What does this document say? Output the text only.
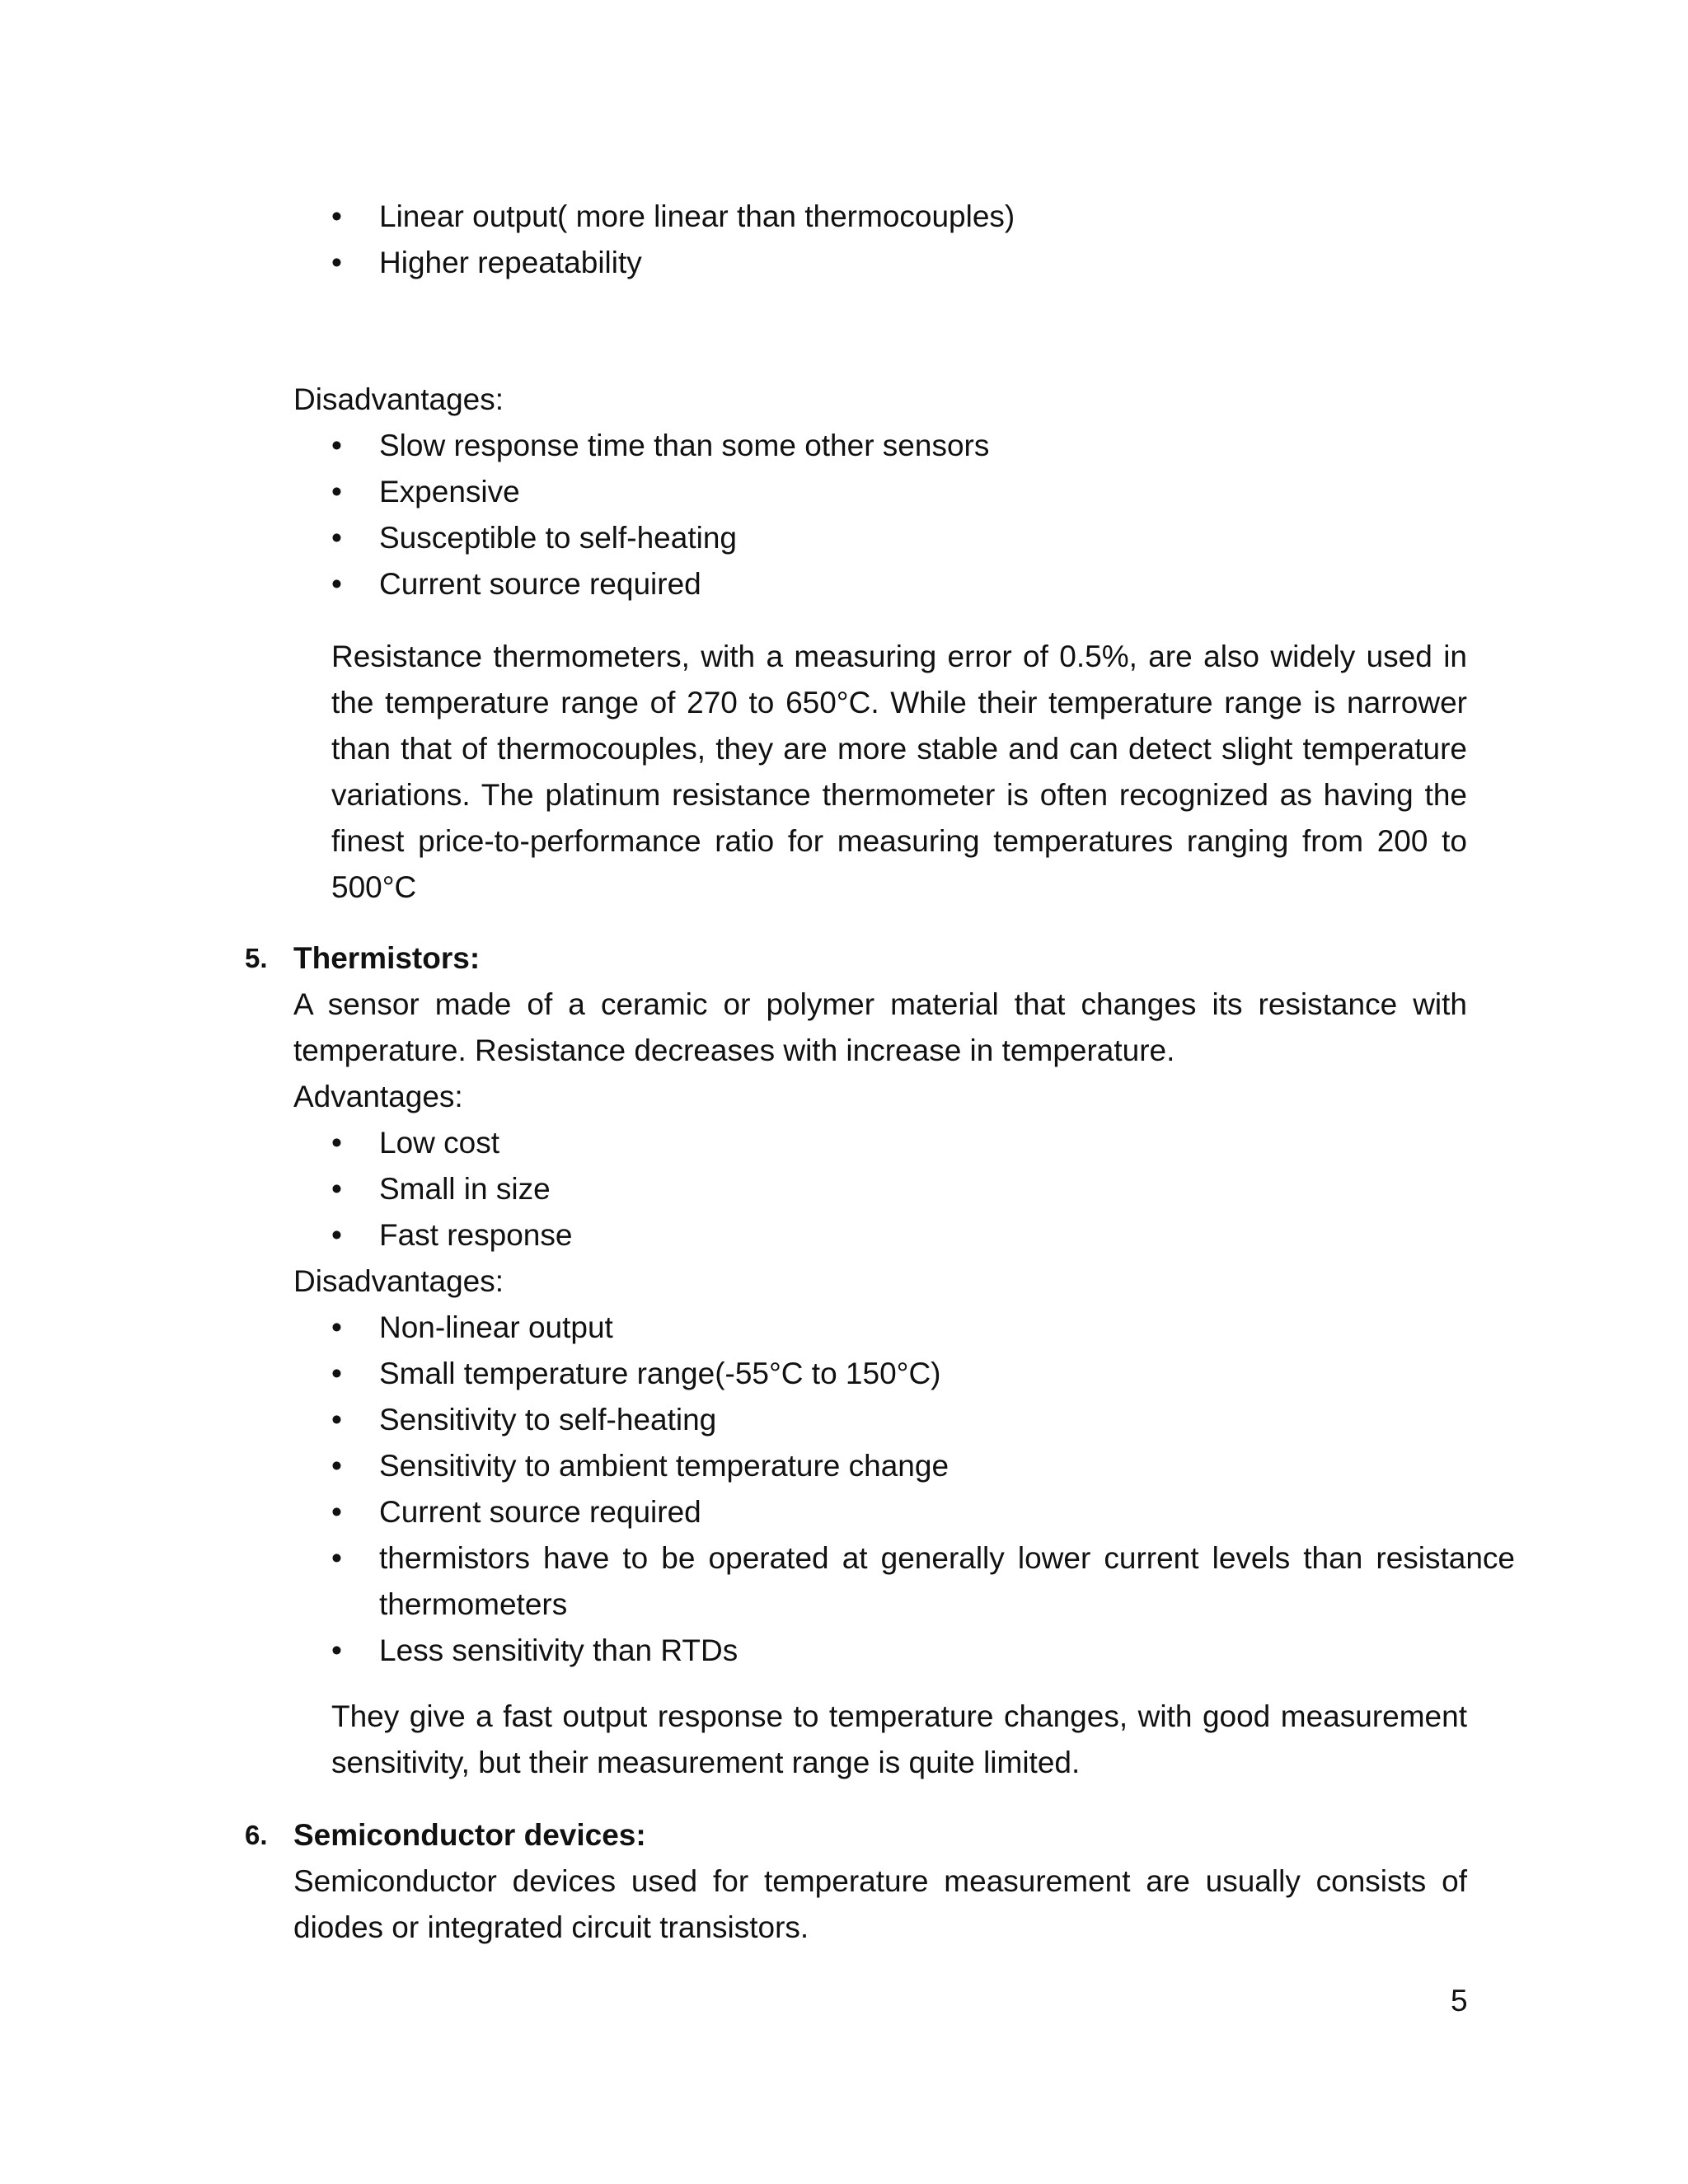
•	Linear output( more linear than thermocouples)
•	Higher repeatability
Disadvantages:
•	Slow response time than some other sensors
•	Expensive
•	Susceptible to self-heating
•	Current source required

Resistance thermometers, with a measuring error of 0.5%, are also widely used in the temperature range of 270 to 650°C. While their temperature range is narrower than that of thermocouples, they are more stable and can detect slight temperature variations. The platinum resistance thermometer is often recognized as having the finest price-to-performance ratio for measuring temperatures ranging from 200 to 500°C

5. Thermistors:

A sensor made of a ceramic or polymer material that changes its resistance with temperature. Resistance decreases with increase in temperature.

Advantages:
•	Low cost
•	Small in size
•	Fast response
Disadvantages:
•	Non-linear output
•	Small temperature range(-55°C to 150°C)
•	Sensitivity to self-heating
•	Sensitivity to ambient temperature change
•	Current source required
•	thermistors have to be operated at generally lower current levels than resistance thermometers
•	Less sensitivity than RTDs

They give a fast output response to temperature changes, with good measurement sensitivity, but their measurement range is quite limited.

6. Semiconductor devices:

Semiconductor devices used for temperature measurement are usually consists of diodes or integrated circuit transistors.

5
